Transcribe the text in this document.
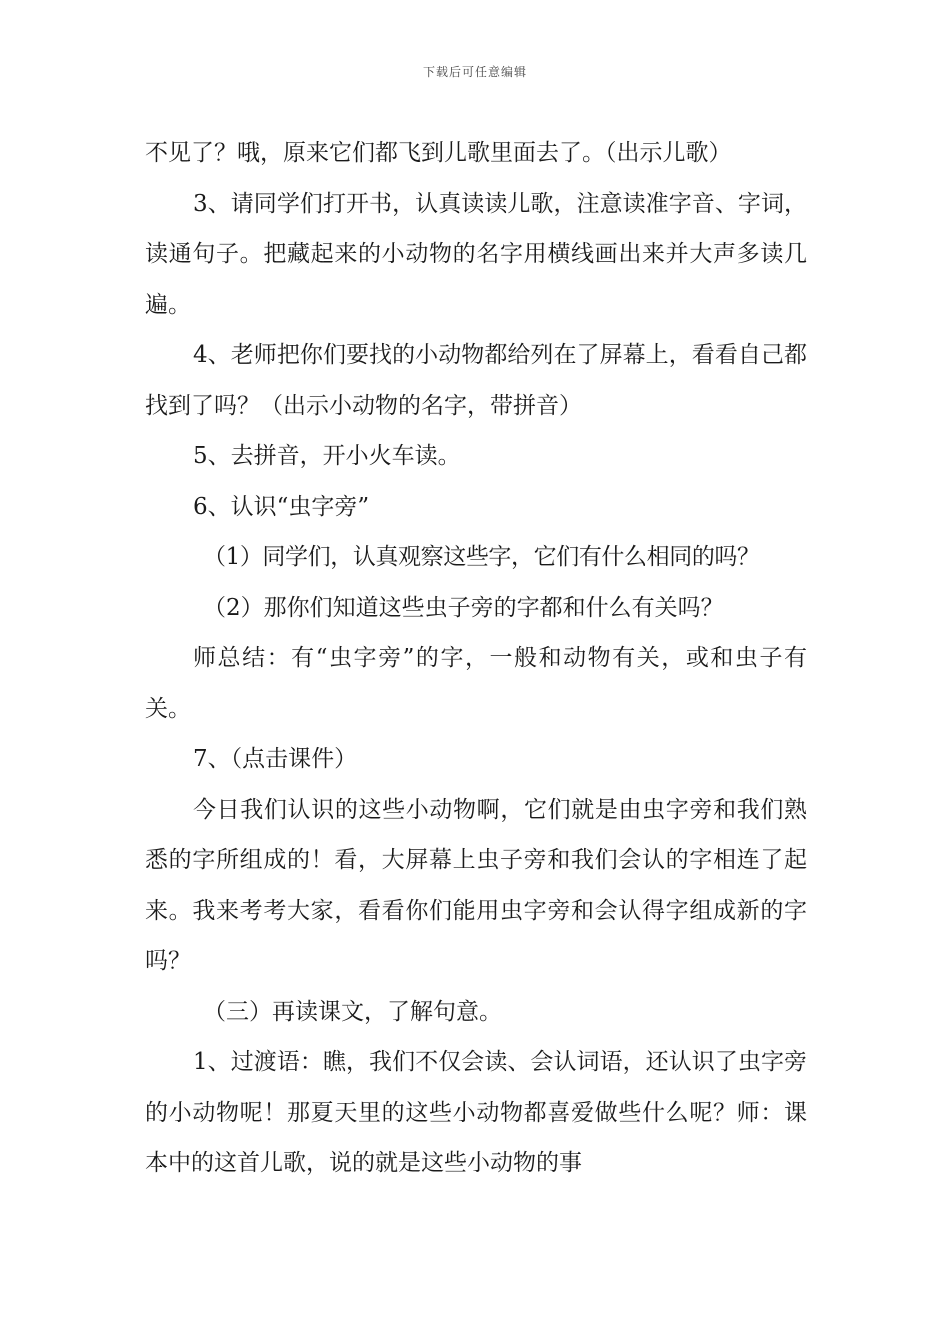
下载后可任意编辑

不见了？哦，原来它们都飞到儿歌里面去了。（出示儿歌）

3、请同学们打开书，认真读读儿歌，注意读准字音、字词，读通句子。把藏起来的小动物的名字用横线画出来并大声多读几遍。

4、老师把你们要找的小动物都给列在了屏幕上，看看自己都找到了吗？（出示小动物的名字，带拼音）

5、去拼音，开小火车读。

6、认识“虫字旁”

（1）同学们，认真观察这些字，它们有什么相同的吗？

（2）那你们知道这些虫子旁的字都和什么有关吗？

师总结：有“虫字旁”的字，一般和动物有关，或和虫子有关。

7、（点击课件）

今日我们认识的这些小动物啊，它们就是由虫字旁和我们熟悉的字所组成的！看，大屏幕上虫子旁和我们会认的字相连了起来。我来考考大家，看看你们能用虫字旁和会认得字组成新的字吗？

（三）再读课文，了解句意。

1、过渡语：瞧，我们不仅会读、会认词语，还认识了虫字旁的小动物呢！那夏天里的这些小动物都喜爱做些什么呢？师：课本中的这首儿歌，说的就是这些小动物的事
